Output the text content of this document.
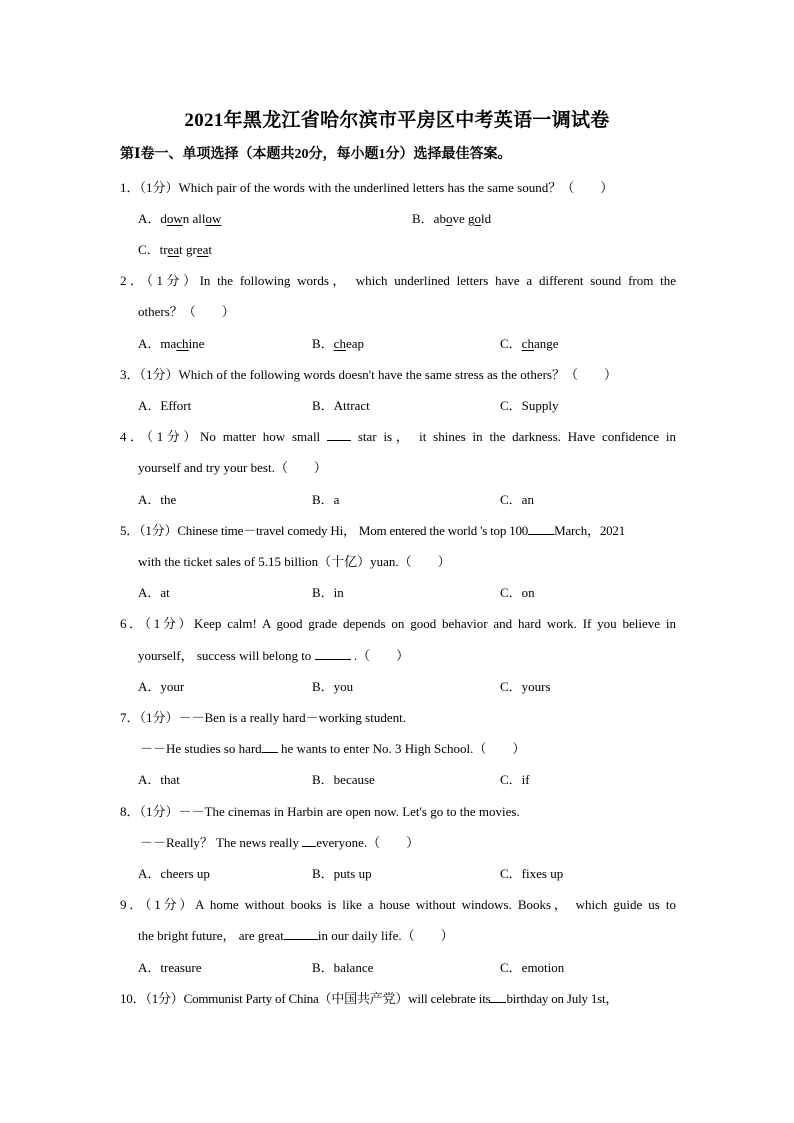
2021年黑龙江省哈尔滨市平房区中考英语一调试卷
第Ⅰ卷一、单项选择（本题共20分，每小题1分）选择最佳答案。
1．（1分）Which pair of the words with the underlined letters has the same sound？（　　）
A．down allow	B．above gold
C．treat great
2．（1分）In the following words， which underlined letters have a different sound from the
others？（　　）
A．machine	B．cheap	C．change
3．（1分）Which of the following words doesn't have the same stress as the others？（　　）
A．Effort	B．Attract	C．Supply
4．（1分）No matter how small  star is， it shines in the darkness. Have confidence in
yourself and try your best.（　　）
A．the	B．a	C．an
5．（1分）Chinese time－travel comedy Hi， Mom entered the world 's top 100 March，2021
with the ticket sales of 5.15 billion（十亿）yuan.（　　）
A．at	B．in	C．on
6．（1分）Keep calm! A good grade depends on good behavior and hard work. If you believe in
yourself， success will belong to	.（　　）
A．your	B．you	C．yours
7．（1分）－－Ben is a really hard－working student.
－－He studies so hard he wants to enter No. 3 High School.（　　）
A．that	B．because	C．if
8．（1分）－－The cinemas in Harbin are open now. Let's go to the movies.
－－Really？ The news really everyone.（　　）
A．cheers up	B．puts up	C．fixes up
9．（1分）A home without books is like a house without windows. Books， which guide us to
the bright future， are great	in our daily life.（　　）
A．treasure	B．balance	C．emotion
10．（1分）Communist Party of China（中国共产党）will celebrate its birthday on July 1st，
